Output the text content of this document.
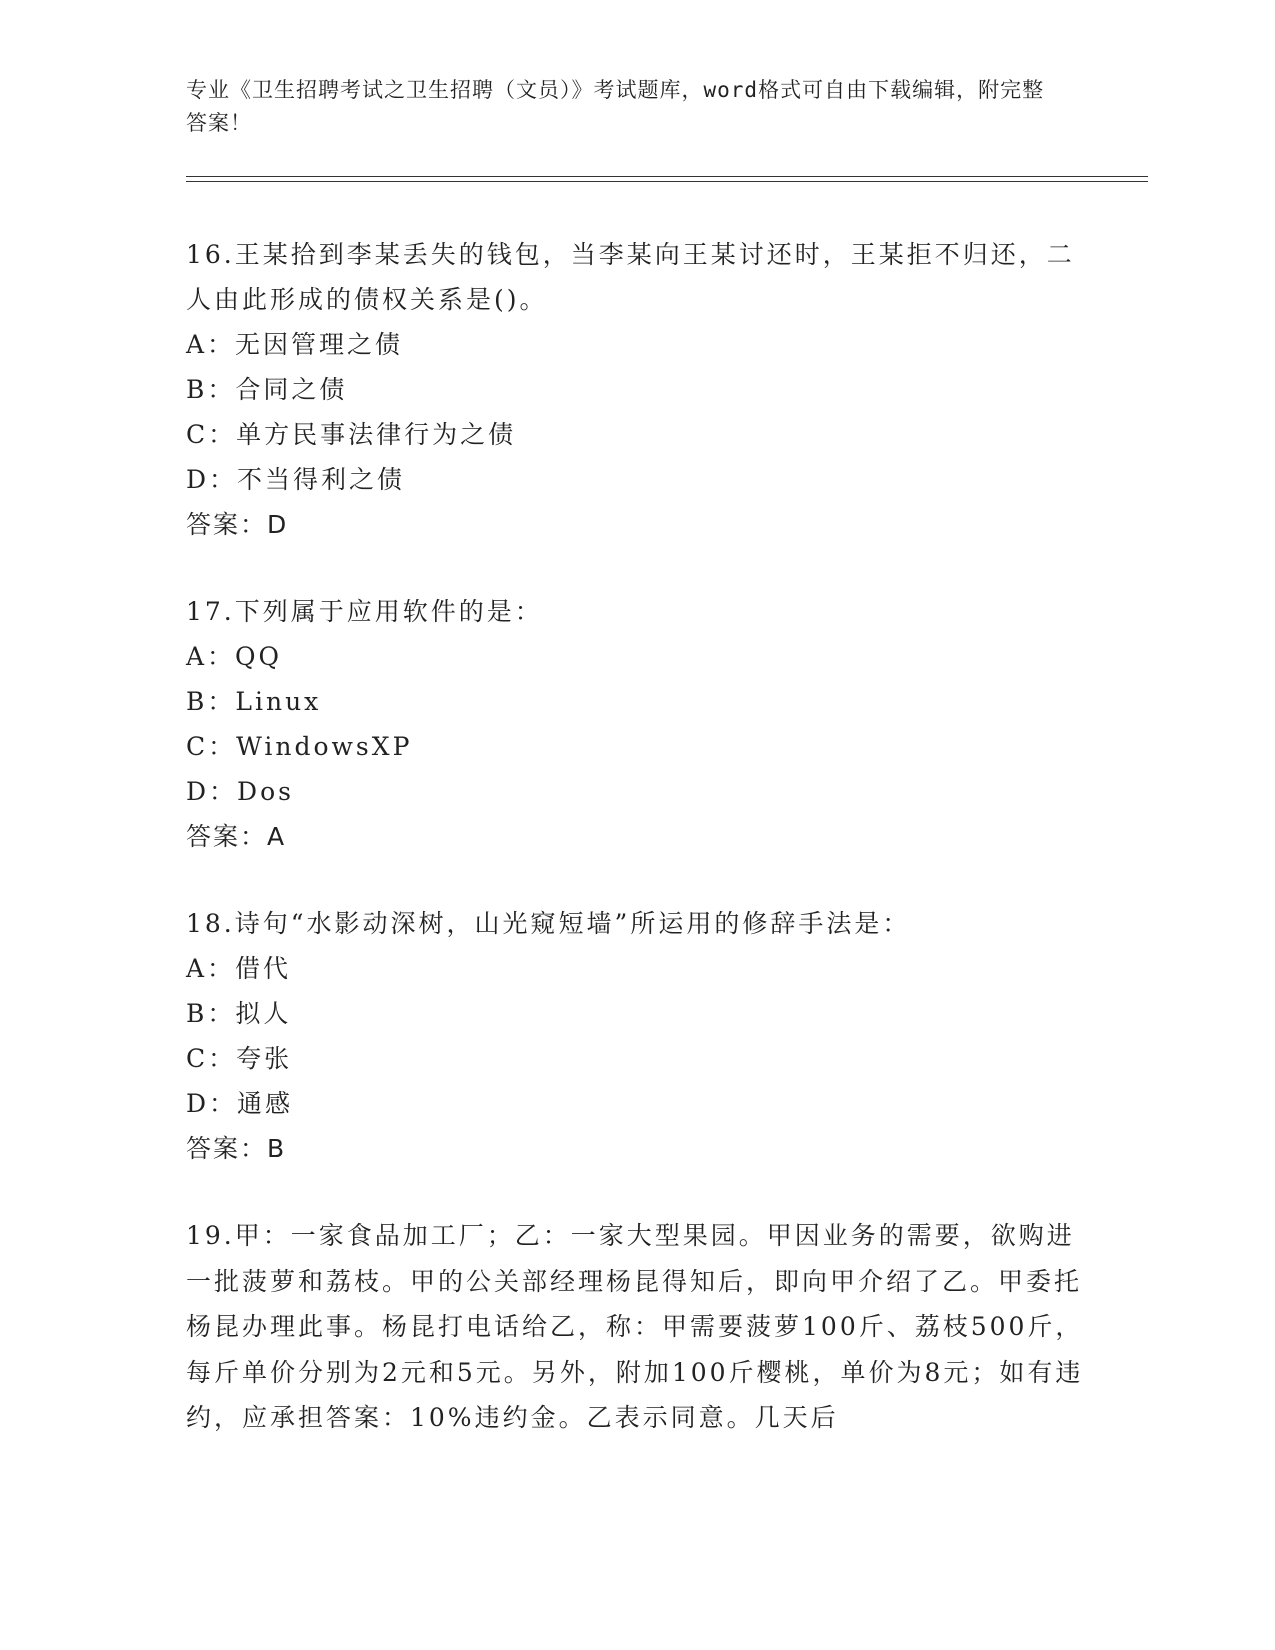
专业《卫生招聘考试之卫生招聘（文员）》考试题库，word格式可自由下载编辑，附完整答案！

16.王某拾到李某丢失的钱包，当李某向王某讨还时，王某拒不归还，二人由此形成的债权关系是()。

A：无因管理之债

B：合同之债

C：单方民事法律行为之债

D：不当得利之债

答案：D

17.下列属于应用软件的是：

A：QQ

B：Linux

C：WindowsXP

D：Dos

答案：A

18.诗句“水影动深树，山光窥短墙”所运用的修辞手法是：

A：借代

B：拟人

C：夸张

D：通感

答案：B

19.甲：一家食品加工厂；乙：一家大型果园。甲因业务的需要，欲购进一批菠萝和荔枝。甲的公关部经理杨昆得知后，即向甲介绍了乙。甲委托杨昆办理此事。杨昆打电话给乙，称：甲需要菠萝100斤、荔枝500斤，每斤单价分别为2元和5元。另外，附加100斤樱桃，单价为8元；如有违约，应承担答案：10%违约金。乙表示同意。几天后
